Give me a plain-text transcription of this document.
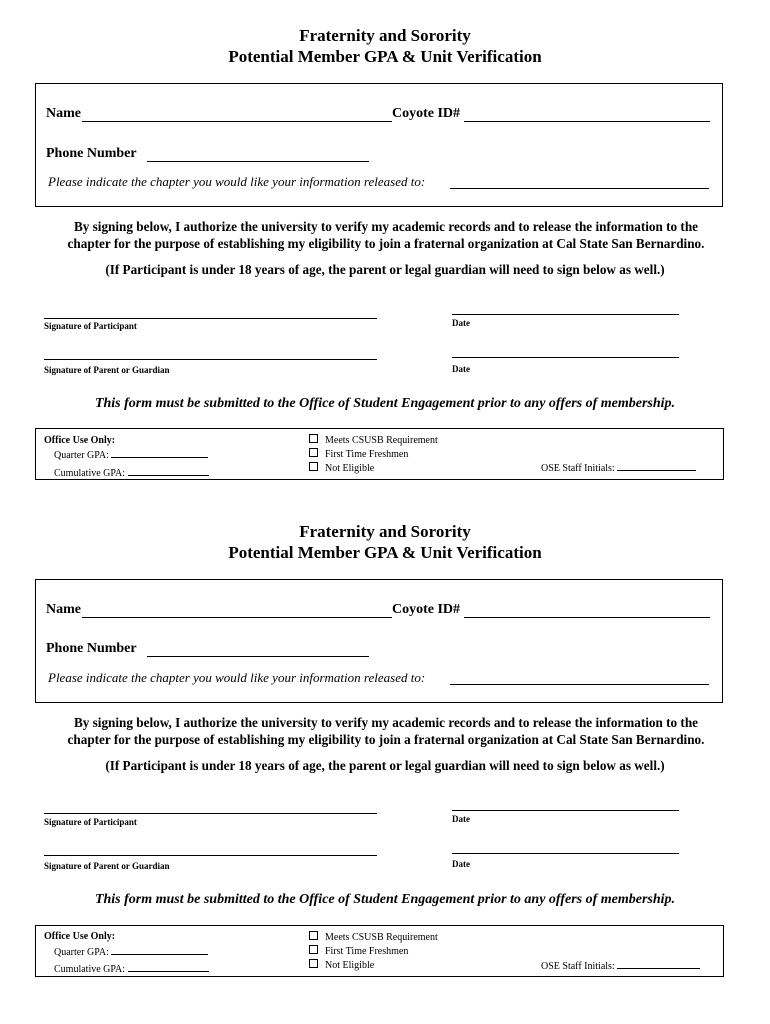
Fraternity and Sorority
Potential Member GPA & Unit Verification
Name	Coyote ID#
Phone Number
Please indicate the chapter you would like your information released to:
By signing below, I authorize the university to verify my academic records and to release the information to the
chapter for the purpose of establishing my eligibility to join a fraternal organization at Cal State San Bernardino.
(If Participant is under 18 years of age, the parent or legal guardian will need to sign below as well.)
Signature of Participant	Date
Signature of Parent or Guardian	Date
This form must be submitted to the Office of Student Engagement prior to any offers of membership.
Office Use Only:
Quarter GPA:
Cumulative GPA:
Meets CSUSB Requirement
First Time Freshmen
Not Eligible	OSE Staff Initials:
Fraternity and Sorority
Potential Member GPA & Unit Verification
Name	Coyote ID#
Phone Number
Please indicate the chapter you would like your information released to:
By signing below, I authorize the university to verify my academic records and to release the information to the
chapter for the purpose of establishing my eligibility to join a fraternal organization at Cal State San Bernardino.
(If Participant is under 18 years of age, the parent or legal guardian will need to sign below as well.)
Signature of Participant	Date
Signature of Parent or Guardian	Date
This form must be submitted to the Office of Student Engagement prior to any offers of membership.
Office Use Only:
Quarter GPA:
Cumulative GPA:
Meets CSUSB Requirement
First Time Freshmen
Not Eligible	OSE Staff Initials:
